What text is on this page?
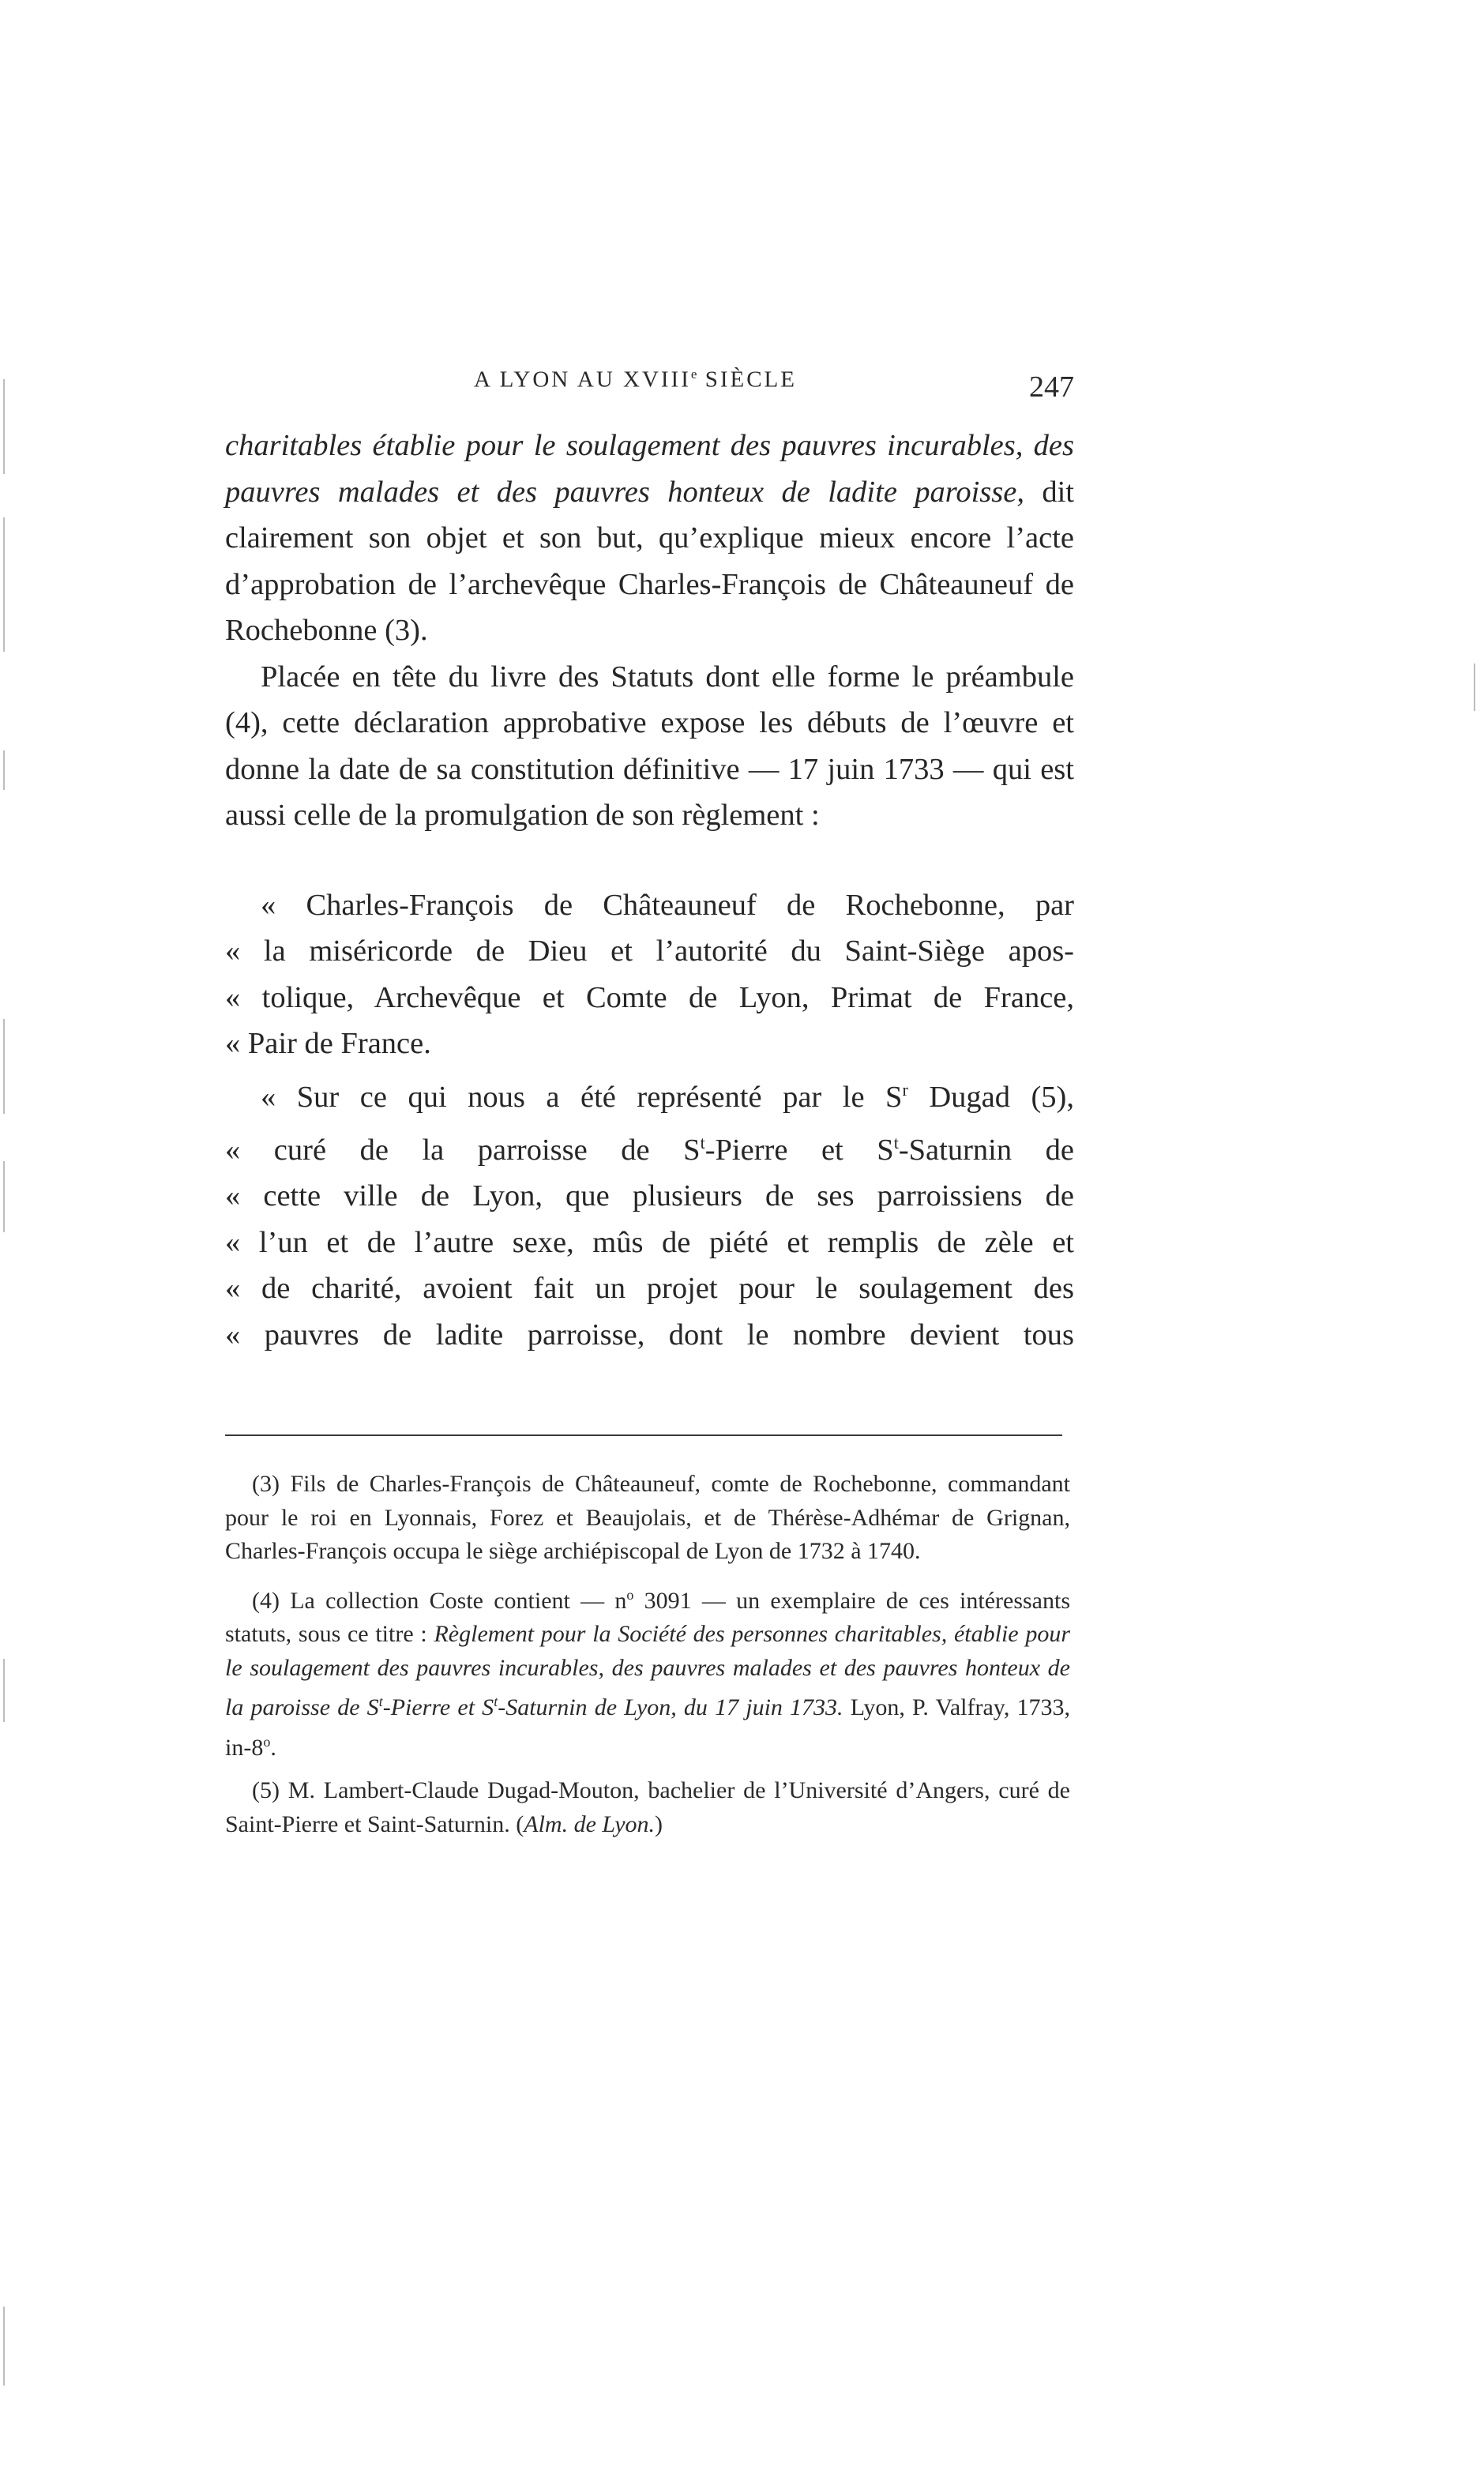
A LYON AU XVIIIe SIÈCLE	247

charitables établie pour le soulagement des pauvres incurables, des pauvres malades et des pauvres honteux de ladite paroisse, dit clairement son objet et son but, qu’explique mieux encore l’acte d’approbation de l’archevêque Charles-François de Châteauneuf de Rochebonne (3).

Placée en tête du livre des Statuts dont elle forme le préambule (4), cette déclaration approbative expose les débuts de l’œuvre et donne la date de sa constitution définitive — 17 juin 1733 — qui est aussi celle de la promulgation de son règlement :

« Charles-François de Châteauneuf de Rochebonne, par
« la miséricorde de Dieu et l’autorité du Saint-Siège apos-
« tolique, Archevêque et Comte de Lyon, Primat de France,
« Pair de France.
« Sur ce qui nous a été représenté par le $S^r$ Dugad (5),
« curé de la parroisse de $S^t$-Pierre et $S^t$-Saturnin de
« cette ville de Lyon, que plusieurs de ses parroissiens de
« l’un et de l’autre sexe, mûs de piété et remplis de zèle et
« de charité, avoient fait un projet pour le soulagement des
« pauvres de ladite parroisse, dont le nombre devient tous

(3) Fils de Charles-François de Châteauneuf, comte de Rochebonne, commandant pour le roi en Lyonnais, Forez et Beaujolais, et de Thérèse-Adhémar de Grignan, Charles-François occupa le siège archiépiscopal de Lyon de 1732 à 1740.

(4) La collection Coste contient — $n^o$ 3091 — un exemplaire de ces intéressants statuts, sous ce titre : Règlement pour la Société des personnes charitables, établie pour le soulagement des pauvres incurables, des pauvres malades et des pauvres honteux de la paroisse de $S^t$-Pierre et $S^t$-Saturnin de Lyon, du 17 juin 1733. Lyon, P. Valfray, 1733, in-8$^o$.

(5) M. Lambert-Claude Dugad-Mouton, bachelier de l’Université d’Angers, curé de Saint-Pierre et Saint-Saturnin. (Alm. de Lyon.)
